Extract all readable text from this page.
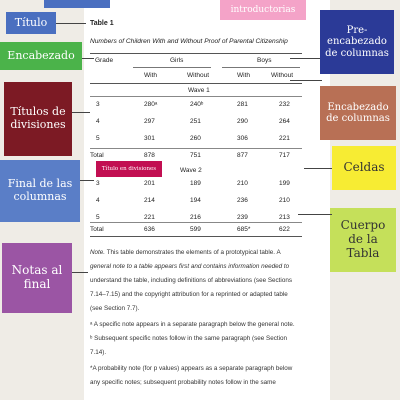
Table 1
Numbers of Children With and Without Proof of Parental Citizenship
Grade	Girls	Boys
With	Without	With	Without
Wave 1
3	280ᵃ	240ᵇ	281	232
4	297	251	290	264
5	301	260	306	221
Total	878	751	877	717
Wave 2
3	201	189	210	199
4	214	194	236	210
5	221	216	239	213
Total	636	599	685*	622
Note. This table demonstrates the elements of a prototypical table. A
general note to a table appears first and contains information needed to
understand the table, including definitions of abbreviations (see Sections
7.14–7.15) and the copyright attribution for a reprinted or adapted table
(see Section 7.7).
ᵃ A specific note appears in a separate paragraph below the general note.
ᵇ Subsequent specific notes follow in the same paragraph (see Section
7.14).
*A probability note (for p values) appears as a separate paragraph below
any specific notes; subsequent probability notes follow in the same
introductorias
Título
Encabezado
Pre-
encabezado
de columnas
Títulos de
divisiones
Encabezado
de columnas
Final de las
columnas
Celdas
Título en divisiones
Cuerpo
de la
Tabla
Notas al
final
